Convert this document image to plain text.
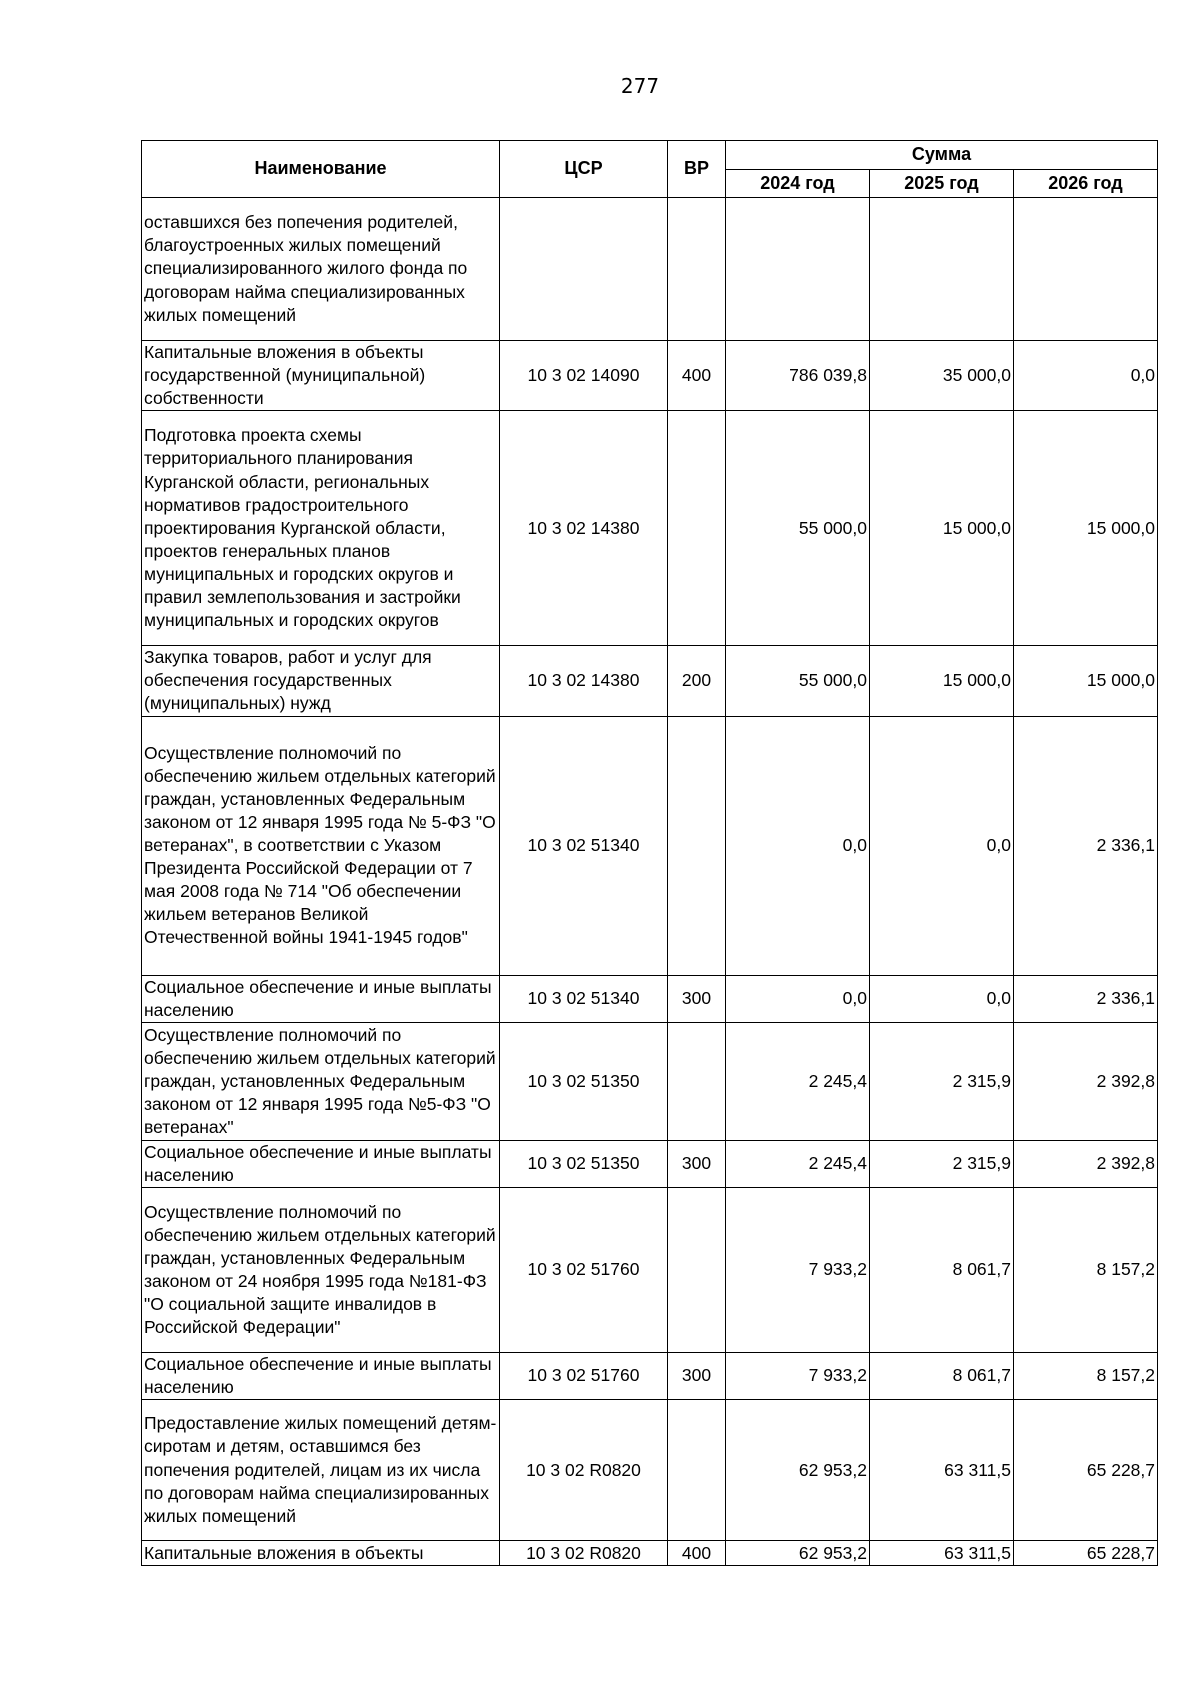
277
Наименование	ЦСР	ВР	Сумма		
			2024 год	2025 год	2026 год
оставшихся без попечения родителей, благоустроенных жилых помещений специализированного жилого фонда по договорам найма специализированных жилых помещений					
Капитальные вложения в объекты государственной (муниципальной) собственности	10 3 02 14090	400	786 039,8	35 000,0	0,0
Подготовка проекта схемы территориального планирования Курганской области, региональных нормативов градостроительного проектирования Курганской области, проектов генеральных планов муниципальных и городских округов и правил землепользования и застройки муниципальных и городских округов	10 3 02 14380		55 000,0	15 000,0	15 000,0
Закупка товаров, работ и услуг для обеспечения государственных (муниципальных) нужд	10 3 02 14380	200	55 000,0	15 000,0	15 000,0
Осуществление полномочий по обеспечению жильем отдельных категорий граждан, установленных Федеральным законом от 12 января 1995 года № 5-ФЗ "О ветеранах", в соответствии с Указом Президента Российской Федерации от 7 мая 2008 года № 714 "Об обеспечении жильем ветеранов Великой Отечественной войны 1941-1945 годов"	10 3 02 51340		0,0	0,0	2 336,1
Социальное обеспечение и иные выплаты населению	10 3 02 51340	300	0,0	0,0	2 336,1
Осуществление полномочий по обеспечению жильем отдельных категорий граждан, установленных Федеральным законом от 12 января 1995 года №5-ФЗ "О ветеранах"	10 3 02 51350		2 245,4	2 315,9	2 392,8
Социальное обеспечение и иные выплаты населению	10 3 02 51350	300	2 245,4	2 315,9	2 392,8
Осуществление полномочий по обеспечению жильем отдельных категорий граждан, установленных Федеральным законом от 24 ноября 1995 года №181-ФЗ "О социальной защите инвалидов в Российской Федерации"	10 3 02 51760		7 933,2	8 061,7	8 157,2
Социальное обеспечение и иные выплаты населению	10 3 02 51760	300	7 933,2	8 061,7	8 157,2
Предоставление жилых помещений детям-сиротам и детям, оставшимся без попечения родителей, лицам из их числа по договорам найма специализированных жилых помещений	10 3 02 R0820		62 953,2	63 311,5	65 228,7
Капитальные вложения в объекты	10 3 02 R0820	400	62 953,2	63 311,5	65 228,7
